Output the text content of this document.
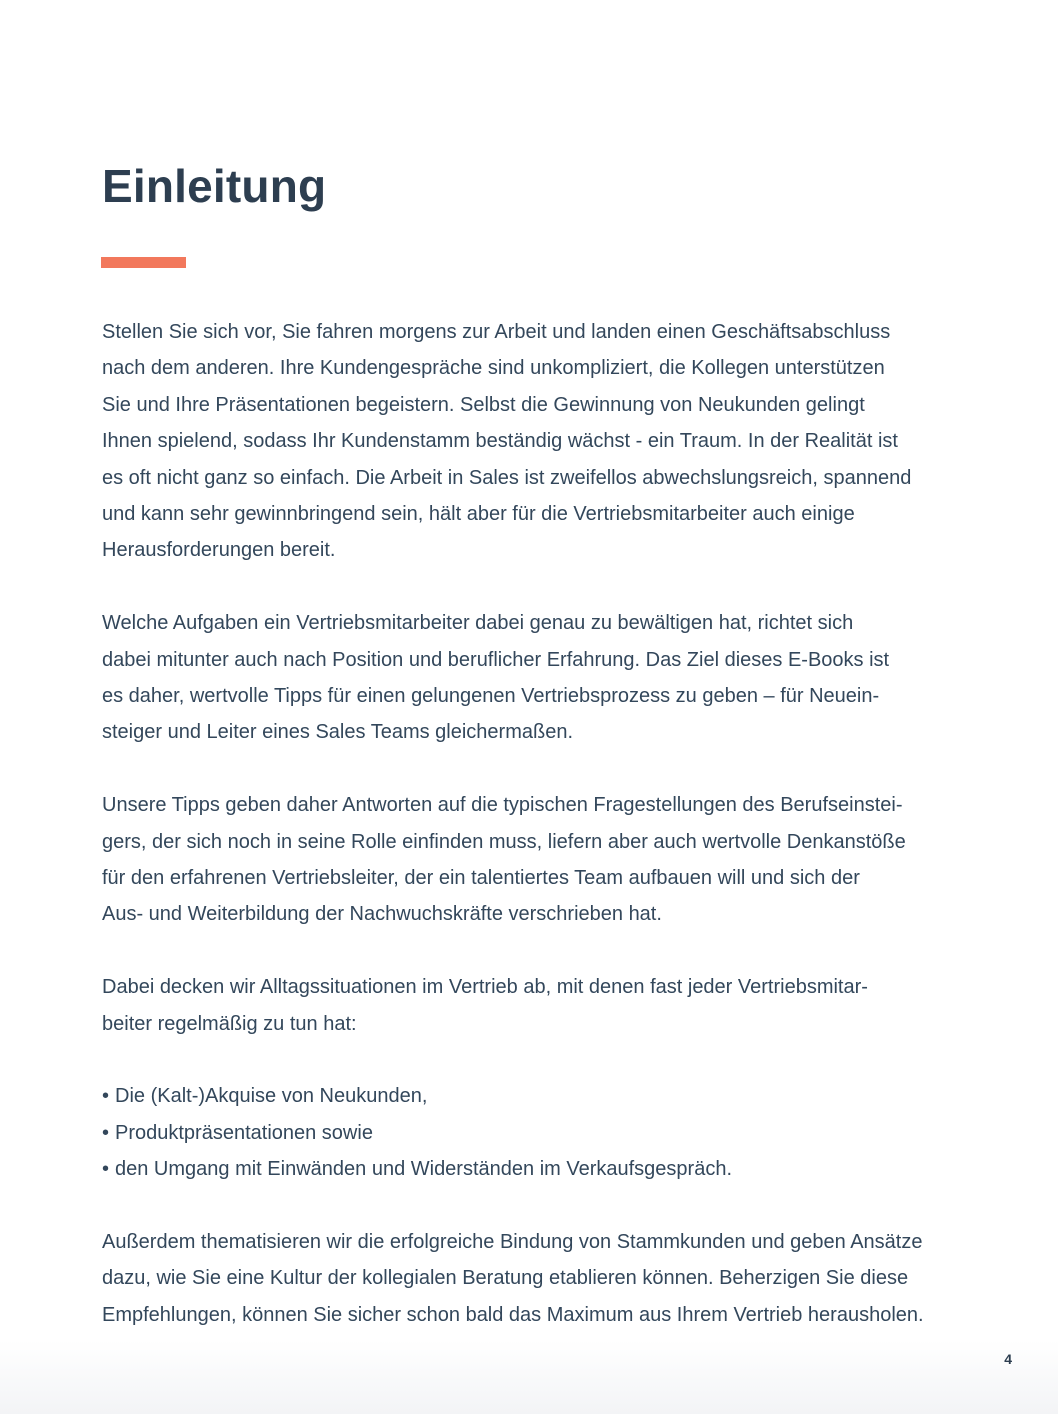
Einleitung

Stellen Sie sich vor, Sie fahren morgens zur Arbeit und landen einen Geschäftsabschluss
nach dem anderen. Ihre Kundengespräche sind unkompliziert, die Kollegen unterstützen
Sie und Ihre Präsentationen begeistern. Selbst die Gewinnung von Neukunden gelingt
Ihnen spielend, sodass Ihr Kundenstamm beständig wächst - ein Traum. In der Realität ist
es oft nicht ganz so einfach. Die Arbeit in Sales ist zweifellos abwechslungsreich, spannend
und kann sehr gewinnbringend sein, hält aber für die Vertriebsmitarbeiter auch einige
Herausforderungen bereit.

Welche Aufgaben ein Vertriebsmitarbeiter dabei genau zu bewältigen hat, richtet sich
dabei mitunter auch nach Position und beruflicher Erfahrung. Das Ziel dieses E-Books ist
es daher, wertvolle Tipps für einen gelungenen Vertriebsprozess zu geben – für Neuein-
steiger und Leiter eines Sales Teams gleichermaßen.

Unsere Tipps geben daher Antworten auf die typischen Fragestellungen des Berufseinstei-
gers, der sich noch in seine Rolle einfinden muss, liefern aber auch wertvolle Denkanstöße
für den erfahrenen Vertriebsleiter, der ein talentiertes Team aufbauen will und sich der
Aus- und Weiterbildung der Nachwuchskräfte verschrieben hat.

Dabei decken wir Alltagssituationen im Vertrieb ab, mit denen fast jeder Vertriebsmitar-
beiter regelmäßig zu tun hat:

• Die (Kalt-)Akquise von Neukunden,
• Produktpräsentationen sowie
• den Umgang mit Einwänden und Widerständen im Verkaufsgespräch.

Außerdem thematisieren wir die erfolgreiche Bindung von Stammkunden und geben Ansätze
dazu, wie Sie eine Kultur der kollegialen Beratung etablieren können. Beherzigen Sie diese
Empfehlungen, können Sie sicher schon bald das Maximum aus Ihrem Vertrieb herausholen.

4
